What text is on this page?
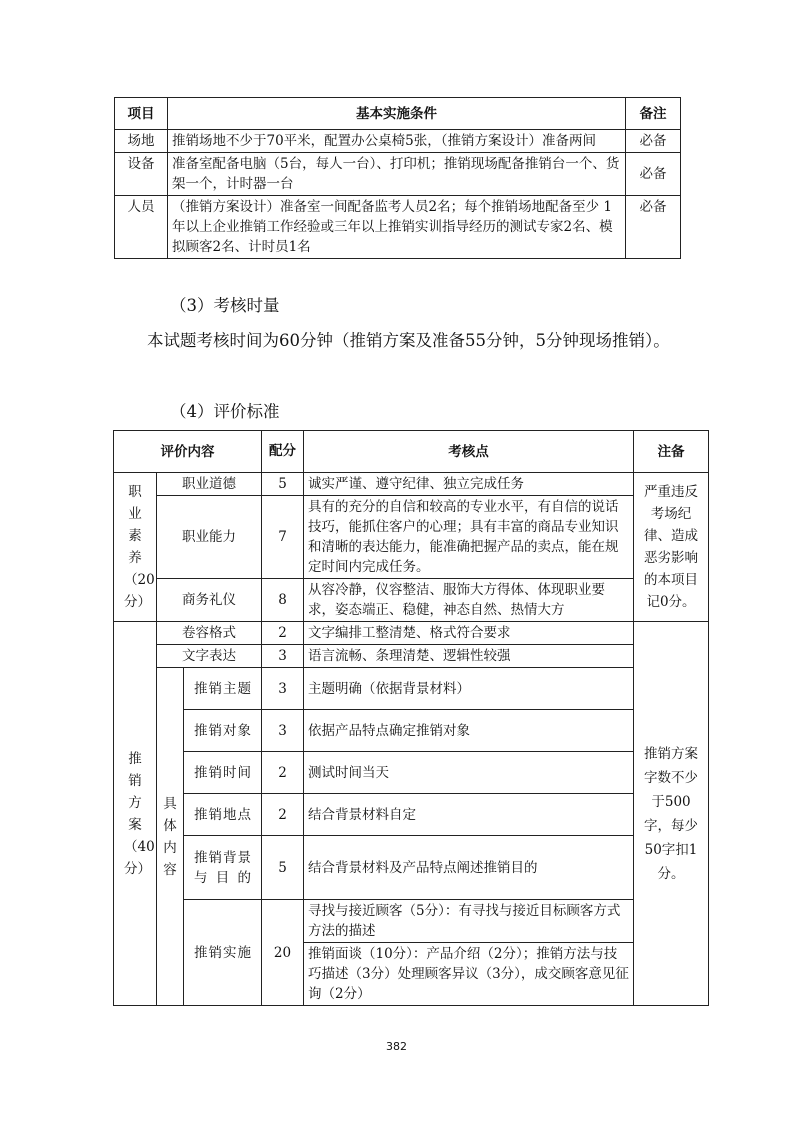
项目	基本实施条件	备注
场地	推销场地不少于70平米，配置办公桌椅5张，（推销方案设计）准备两间	必备
设备	准备室配备电脑（5台，每人一台）、打印机；推销现场配备推销台一个、货架一个，计时器一台	必备
人员	（推销方案设计）准备室一间配备监考人员2名；每个推销场地配备至少 1 年以上企业推销工作经验或三年以上推销实训指导经历的测试专家2名、模拟顾客2名、计时员1名	必备
（3）考核时量
本试题考核时间为60分钟（推销方案及准备55分钟，5分钟现场推销）。
（4）评价标准
评价内容			配分	考核点	注备
职业素养（20分）	职业道德		5	诚实严谨、遵守纪律、独立完成任务	严重违反考场纪律、造成恶劣影响的本项目记0分。
	职业能力		7	具有的充分的自信和较高的专业水平，有自信的说话技巧，能抓住客户的心理；具有丰富的商品专业知识和清晰的表达能力，能准确把握产品的卖点，能在规定时间内完成任务。	
	商务礼仪		8	从容冷静，仪容整洁、服饰大方得体、体现职业要求，姿态端正、稳健，神态自然、热情大方	
推销方案（40分）	卷容格式		2	文字编排工整清楚、格式符合要求	推销方案字数不少于500字，每少50字扣1分。
	文字表达		3	语言流畅、条理清楚、逻辑性较强	
	具体内容	推销主题	3	主题明确（依据背景材料）	
		推销对象	3	依据产品特点确定推销对象	
		推销时间	2	测试时间当天	
		推销地点	2	结合背景材料自定	
		推销背景与目的	5	结合背景材料及产品特点阐述推销目的	
		推销实施	20	寻找与接近顾客（5分）：有寻找与接近目标顾客方式方法的描述	
				推销面谈（10分）：产品介绍（2分）；推销方法与技巧描述（3分）处理顾客异议（3分），成交顾客意见征询（2分）	
382
